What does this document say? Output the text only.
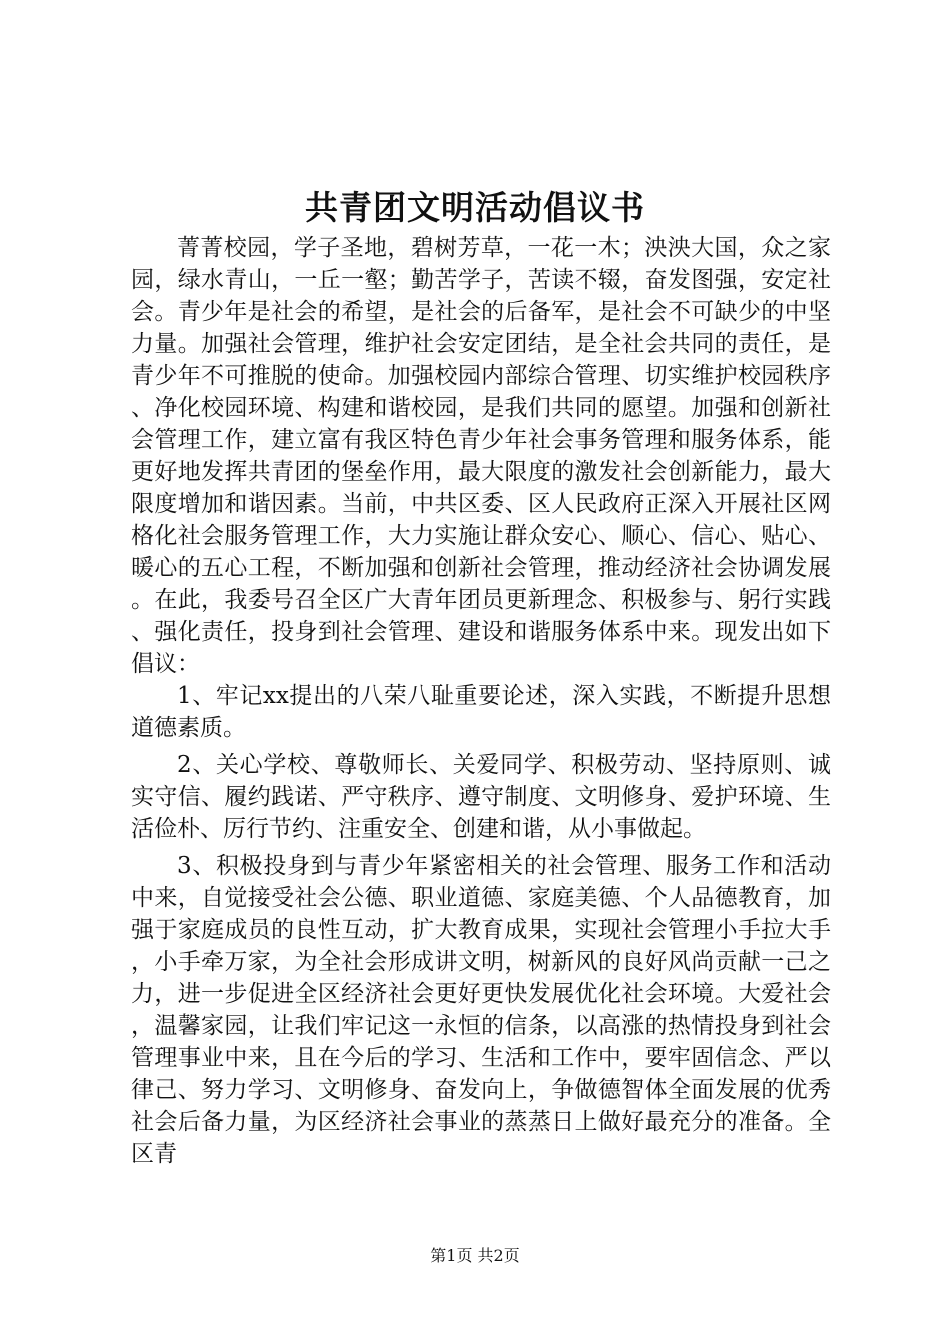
共青团文明活动倡议书

菁菁校园，学子圣地，碧树芳草，一花一木；泱泱大国，众之家园，绿水青山，一丘一壑；勤苦学子，苦读不辍，奋发图强，安定社会。青少年是社会的希望，是社会的后备军，是社会不可缺少的中坚力量。加强社会管理，维护社会安定团结，是全社会共同的责任，是青少年不可推脱的使命。加强校园内部综合管理、切实维护校园秩序、净化校园环境、构建和谐校园，是我们共同的愿望。加强和创新社会管理工作，建立富有我区特色青少年社会事务管理和服务体系，能更好地发挥共青团的堡垒作用，最大限度的激发社会创新能力，最大限度增加和谐因素。当前，中共区委、区人民政府正深入开展社区网格化社会服务管理工作，大力实施让群众安心、顺心、信心、贴心、暖心的五心工程，不断加强和创新社会管理，推动经济社会协调发展。在此，我委号召全区广大青年团员更新理念、积极参与、躬行实践、强化责任，投身到社会管理、建设和谐服务体系中来。现发出如下倡议：

1、牢记xx提出的八荣八耻重要论述，深入实践，不断提升思想道德素质。

2、关心学校、尊敬师长、关爱同学、积极劳动、坚持原则、诚实守信、履约践诺、严守秩序、遵守制度、文明修身、爱护环境、生活俭朴、厉行节约、注重安全、创建和谐，从小事做起。

3、积极投身到与青少年紧密相关的社会管理、服务工作和活动中来，自觉接受社会公德、职业道德、家庭美德、个人品德教育，加强于家庭成员的良性互动，扩大教育成果，实现社会管理小手拉大手，小手牵万家，为全社会形成讲文明，树新风的良好风尚贡献一己之力，进一步促进全区经济社会更好更快发展优化社会环境。大爱社会，温馨家园，让我们牢记这一永恒的信条，以高涨的热情投身到社会管理事业中来，且在今后的学习、生活和工作中，要牢固信念、严以律己、努力学习、文明修身、奋发向上，争做德智体全面发展的优秀社会后备力量，为区经济社会事业的蒸蒸日上做好最充分的准备。全区青

第1页 共2页
